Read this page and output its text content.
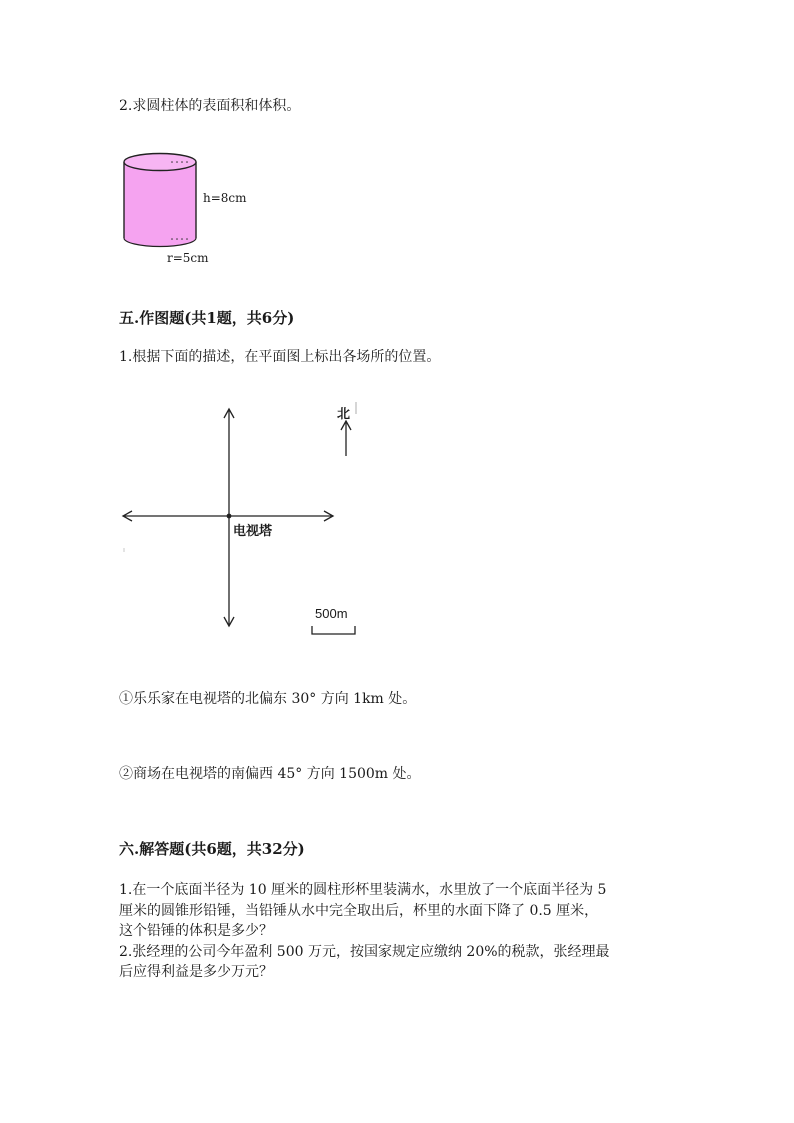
2.求圆柱体的表面积和体积。
h=8cm
r=5cm
五.作图题(共1题，共6分)
1.根据下面的描述，在平面图上标出各场所的位置。
北
电视塔
500m
①乐乐家在电视塔的北偏东 30° 方向 1km 处。
②商场在电视塔的南偏西 45° 方向 1500m 处。
六.解答题(共6题，共32分)
1.在一个底面半径为 10 厘米的圆柱形杯里装满水，水里放了一个底面半径为 5
厘米的圆锥形铅锤，当铅锤从水中完全取出后，杯里的水面下降了 0.5 厘米，
这个铅锤的体积是多少？
2.张经理的公司今年盈利 500 万元，按国家规定应缴纳 20%的税款，张经理最
后应得利益是多少万元？
